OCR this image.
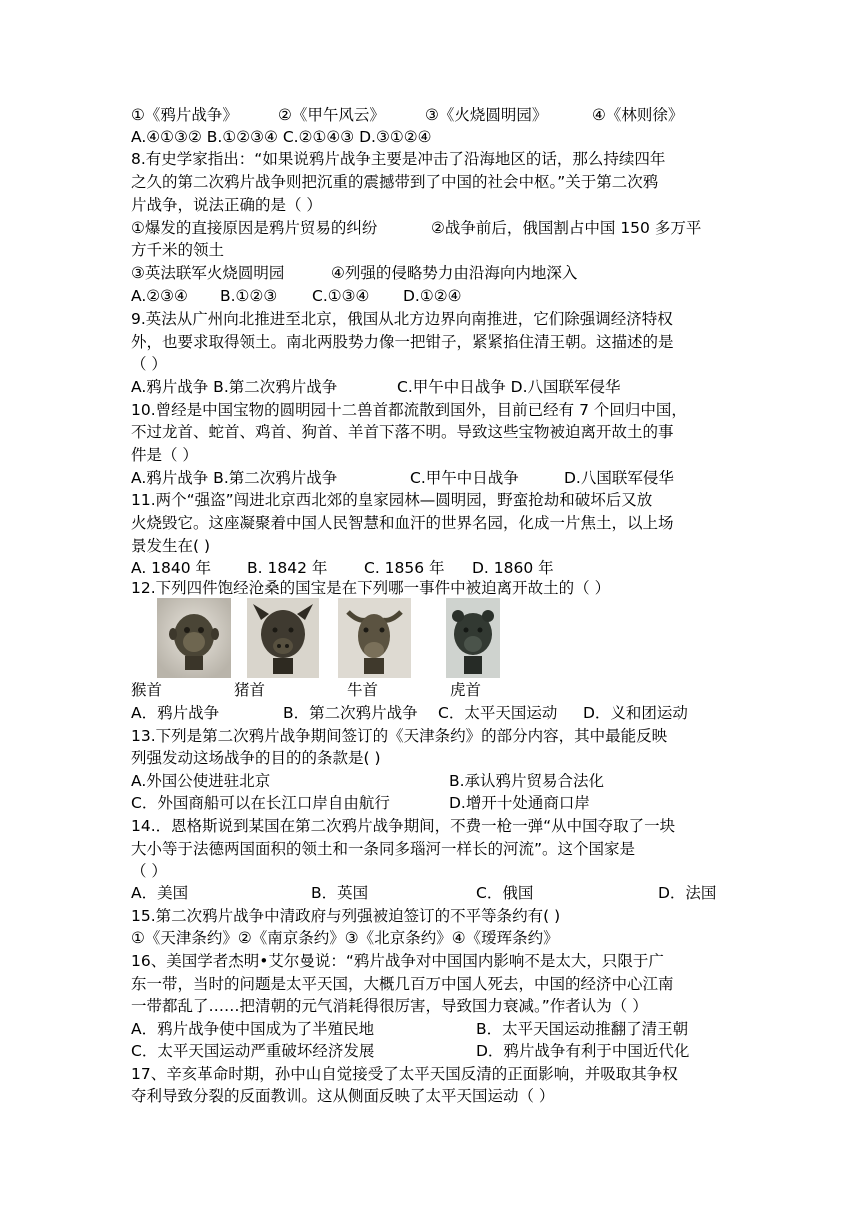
①《鸦片战争》	②《甲午风云》	③《火烧圆明园》	④《林则徐》
A.④①③② B.①②③④ C.②①④③ D.③①②④
8.有史学家指出：“如果说鸦片战争主要是冲击了沿海地区的话，那么持续四年
之久的第二次鸦片战争则把沉重的震撼带到了中国的社会中枢。”关于第二次鸦
片战争，说法正确的是（ ）
①爆发的直接原因是鸦片贸易的纠纷	②战争前后，俄国割占中国 150 多万平
方千米的领土
③英法联军火烧圆明园	④列强的侵略势力由沿海向内地深入
A.②③④ B.①②③ C.①③④ D.①②④
9.英法从广州向北推进至北京，俄国从北方边界向南推进，它们除强调经济特权
外，也要求取得领土。南北两股势力像一把钳子，紧紧掐住清王朝。这描述的是
（ ）
A.鸦片战争 B.第二次鸦片战争	C.甲午中日战争 D.八国联军侵华
10.曾经是中国宝物的圆明园十二兽首都流散到国外，目前已经有 7 个回归中国，
不过龙首、蛇首、鸡首、狗首、羊首下落不明。导致这些宝物被迫离开故土的事
件是（ ）
A.鸦片战争 B.第二次鸦片战争	C.甲午中日战争	D.八国联军侵华
11.两个“强盗”闯进北京西北郊的皇家园林—圆明园，野蛮抢劫和破坏后又放
火烧毁它。这座凝聚着中国人民智慧和血汗的世界名园，化成一片焦土，以上场
景发生在( )
A. 1840 年 B. 1842 年 C. 1856 年 D. 1860 年
12.下列四件饱经沧桑的国宝是在下列哪一事件中被迫离开故土的（ ）
猴首	猪首	牛首	虎首
A．鸦片战争	B．第二次鸦片战争 C．太平天国运动 D．义和团运动
13.下列是第二次鸦片战争期间签订的《天津条约》的部分内容，其中最能反映
列强发动这场战争的目的的条款是( )
A.外国公使进驻北京	B.承认鸦片贸易合法化
C．外国商船可以在长江口岸自由航行	D.增开十处通商口岸
14.．恩格斯说到某国在第二次鸦片战争期间，不费一枪一弹“从中国夺取了一块
大小等于法德两国面积的领土和一条同多瑙河一样长的河流”。这个国家是
（ ）
A．美国	B．英国	C．俄国	D．法国
15.第二次鸦片战争中清政府与列强被迫签订的不平等条约有( )
①《天津条约》②《南京条约》③《北京条约》④《瑷珲条约》
16、美国学者杰明•艾尔曼说：“鸦片战争对中国国内影响不是太大，只限于广
东一带，当时的问题是太平天国，大概几百万中国人死去，中国的经济中心江南
一带都乱了……把清朝的元气消耗得很厉害，导致国力衰减。”作者认为（ ）
A．鸦片战争使中国成为了半殖民地	B．太平天国运动推翻了清王朝
C．太平天国运动严重破坏经济发展	D．鸦片战争有利于中国近代化
17、辛亥革命时期，孙中山自觉接受了太平天国反清的正面影响，并吸取其争权
夺利导致分裂的反面教训。这从侧面反映了太平天国运动（ ）
